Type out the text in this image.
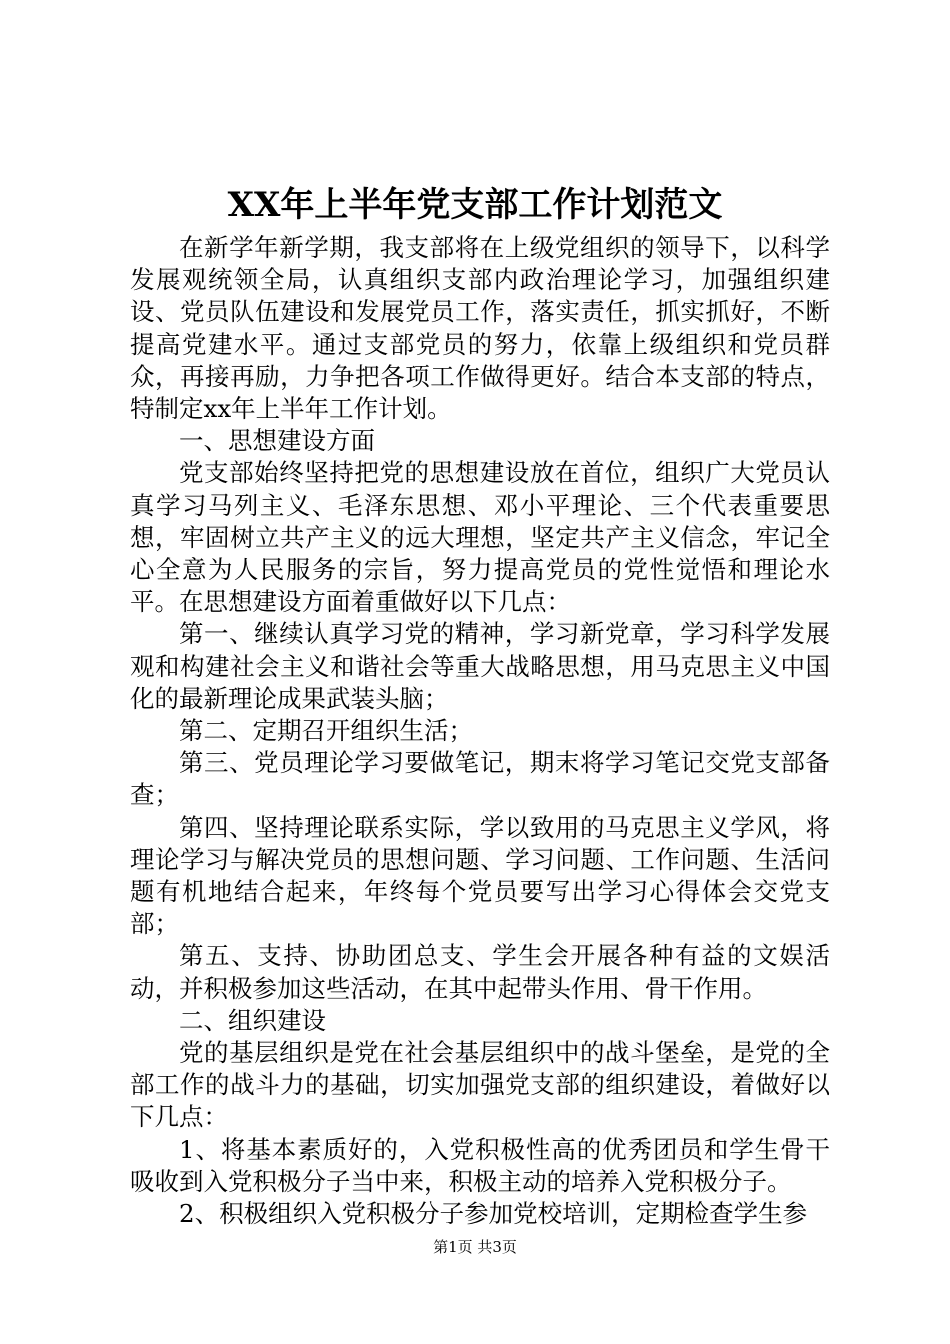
XX年上半年党支部工作计划范文

在新学年新学期，我支部将在上级党组织的领导下，以科学发展观统领全局，认真组织支部内政治理论学习，加强组织建设、党员队伍建设和发展党员工作，落实责任，抓实抓好，不断提高党建水平。通过支部党员的努力，依靠上级组织和党员群众，再接再励，力争把各项工作做得更好。结合本支部的特点，特制定xx年上半年工作计划。

一、思想建设方面

党支部始终坚持把党的思想建设放在首位，组织广大党员认真学习马列主义、毛泽东思想、邓小平理论、三个代表重要思想，牢固树立共产主义的远大理想，坚定共产主义信念，牢记全心全意为人民服务的宗旨，努力提高党员的党性觉悟和理论水平。在思想建设方面着重做好以下几点：

第一、继续认真学习党的精神，学习新党章，学习科学发展观和构建社会主义和谐社会等重大战略思想，用马克思主义中国化的最新理论成果武装头脑；

第二、定期召开组织生活；

第三、党员理论学习要做笔记，期末将学习笔记交党支部备查；

第四、坚持理论联系实际，学以致用的马克思主义学风，将理论学习与解决党员的思想问题、学习问题、工作问题、生活问题有机地结合起来，年终每个党员要写出学习心得体会交党支部；

第五、支持、协助团总支、学生会开展各种有益的文娱活动，并积极参加这些活动，在其中起带头作用、骨干作用。

二、组织建设

党的基层组织是党在社会基层组织中的战斗堡垒，是党的全部工作的战斗力的基础，切实加强党支部的组织建设，着做好以下几点：

1、将基本素质好的，入党积极性高的优秀团员和学生骨干吸收到入党积极分子当中来，积极主动的培养入党积极分子。

2、积极组织入党积极分子参加党校培训，定期检查学生参

第1页 共3页
